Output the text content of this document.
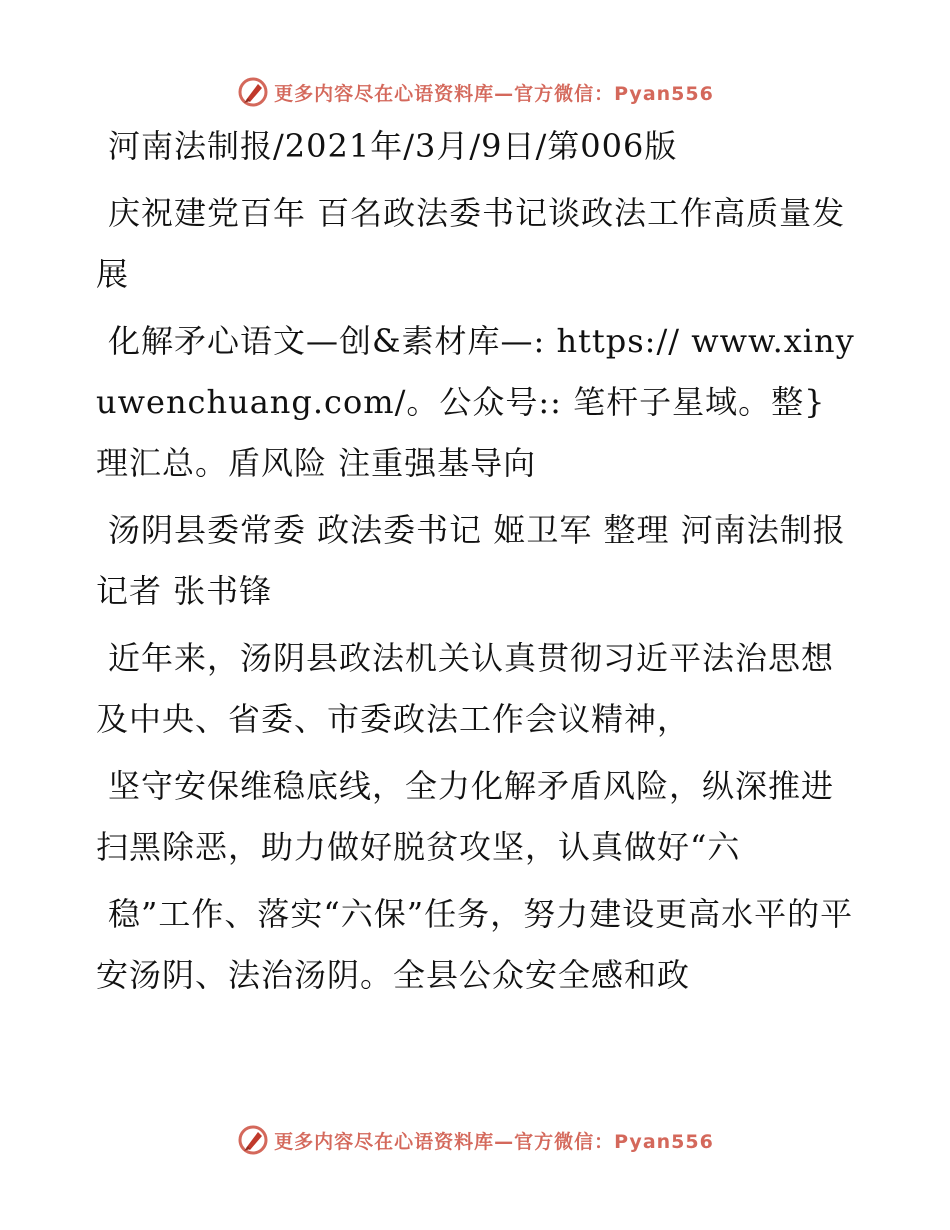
更多内容尽在心语资料库—官方微信：Pyan556

河南法制报/2021年/3月/9日/第006版

庆祝建党百年 百名政法委书记谈政法工作高质量发展

化解矛心语文—创&素材库—: https:// www.xinyuwenchuang.com/。公众号:: 笔杆子星域。整}理汇总。盾风险 注重强基导向

汤阴县委常委 政法委书记 姬卫军 整理 河南法制报记者 张书锋

近年来，汤阴县政法机关认真贯彻习近平法治思想及中央、省委、市委政法工作会议精神，

坚守安保维稳底线，全力化解矛盾风险，纵深推进扫黑除恶，助力做好脱贫攻坚，认真做好“六

稳”工作、落实“六保”任务，努力建设更高水平的平安汤阴、法治汤阴。全县公众安全感和政

更多内容尽在心语资料库—官方微信：Pyan556
